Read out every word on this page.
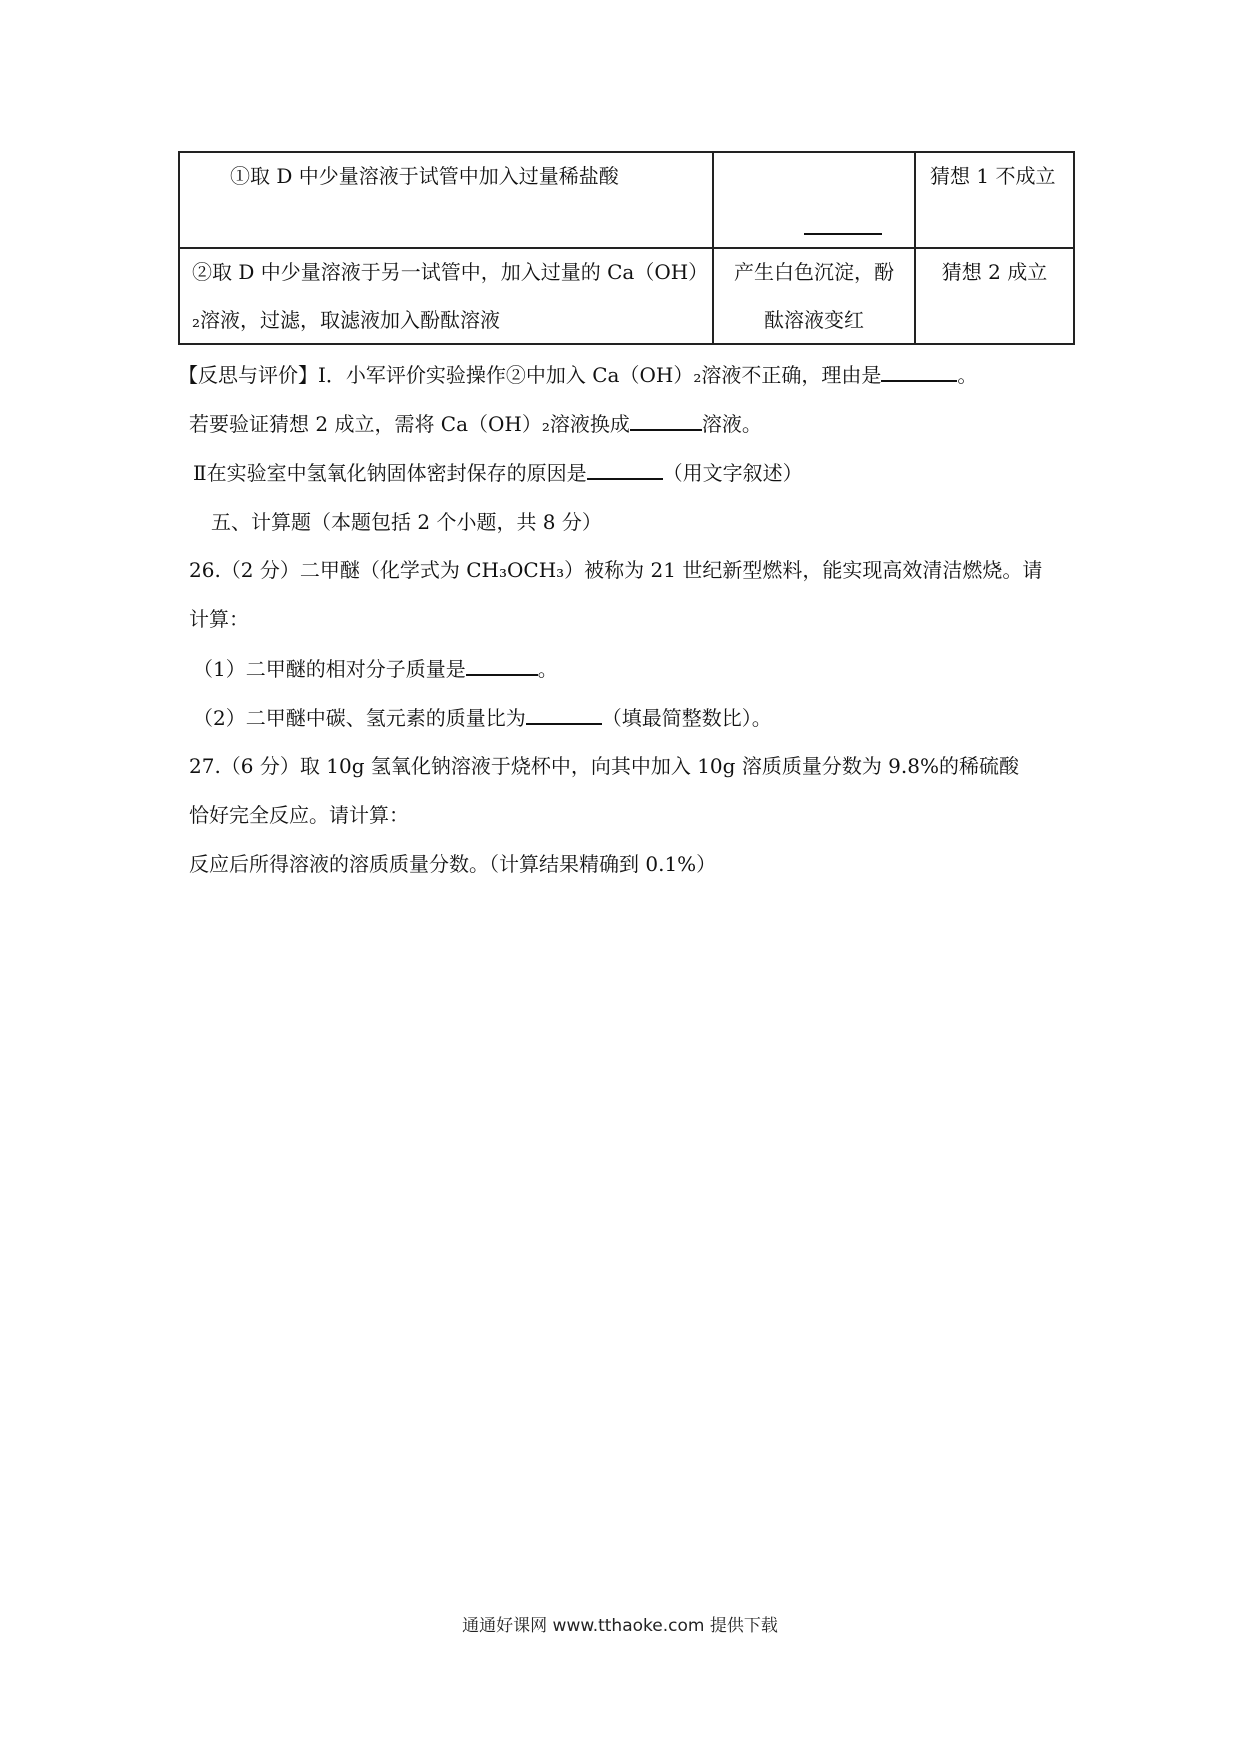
①取 D 中少量溶液于试管中加入过量稀盐酸		猜想 1 不成立

②取 D 中少量溶液于另一试管中，加入过量的 Ca（OH）
₂溶液，过滤，取滤液加入酚酞溶液	产生白色沉淀，酚
酞溶液变红	猜想 2 成立
【反思与评价】I．小军评价实验操作②中加入 Ca（OH）₂溶液不正确，理由是	。
若要验证猜想 2 成立，需将 Ca（OH）₂溶液换成	溶液。
Ⅱ在实验室中氢氧化钠固体密封保存的原因是	（用文字叙述）
五、计算题（本题包括 2 个小题，共 8 分）
26.（2 分）二甲醚（化学式为 CH₃OCH₃）被称为 21 世纪新型燃料，能实现高效清洁燃烧。请
计算：
（1）二甲醚的相对分子质量是	。
（2）二甲醚中碳、氢元素的质量比为	（填最简整数比）。
27.（6 分）取 10g 氢氧化钠溶液于烧杯中，向其中加入 10g 溶质质量分数为 9.8%的稀硫酸
恰好完全反应。请计算：
反应后所得溶液的溶质质量分数。（计算结果精确到 0.1%）
通通好课网 www.tthaoke.com 提供下载
